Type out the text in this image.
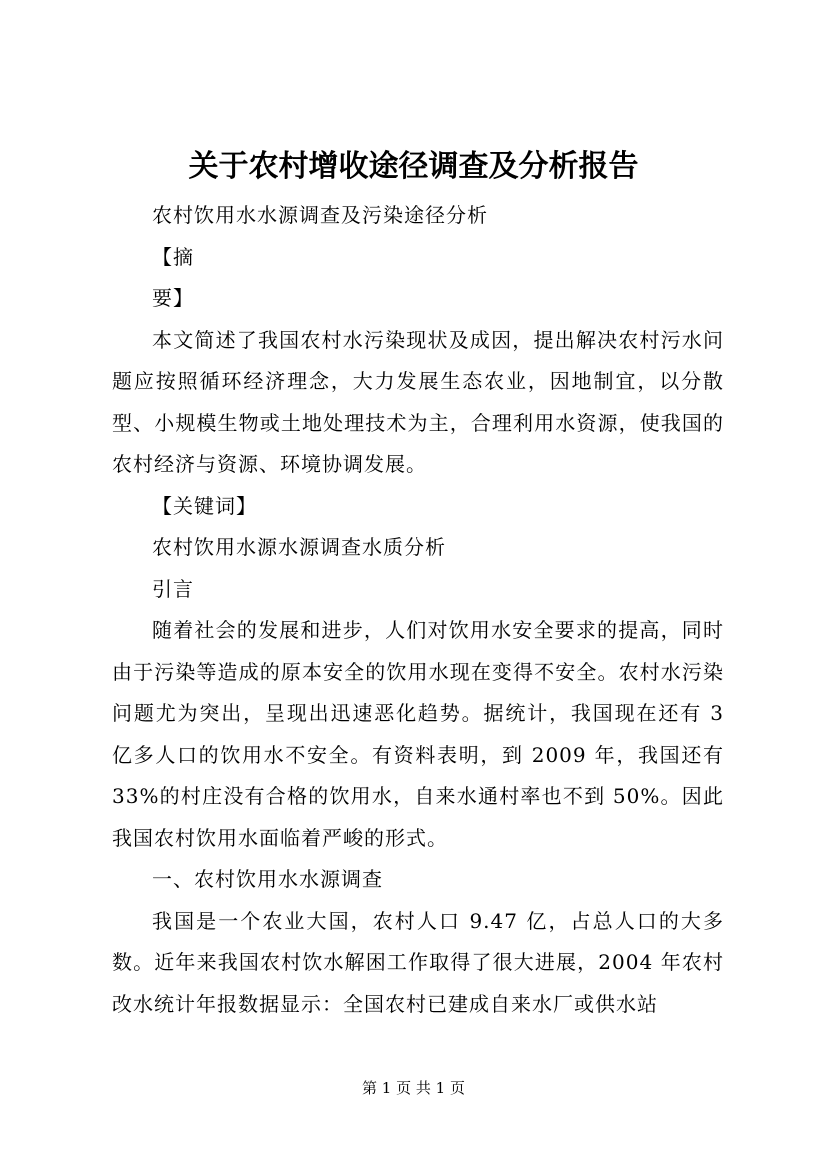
关于农村增收途径调查及分析报告

农村饮用水水源调查及污染途径分析

【摘

要】

本文简述了我国农村水污染现状及成因，提出解决农村污水问题应按照循环经济理念，大力发展生态农业，因地制宜，以分散型、小规模生物或土地处理技术为主，合理利用水资源，使我国的农村经济与资源、环境协调发展。

【关键词】

农村饮用水源水源调查水质分析

引言

随着社会的发展和进步，人们对饮用水安全要求的提高，同时由于污染等造成的原本安全的饮用水现在变得不安全。农村水污染问题尤为突出，呈现出迅速恶化趋势。据统计，我国现在还有 3 亿多人口的饮用水不安全。有资料表明，到 2009 年，我国还有 33%的村庄没有合格的饮用水，自来水通村率也不到 50%。因此我国农村饮用水面临着严峻的形式。

一、农村饮用水水源调查

我国是一个农业大国，农村人口 9.47 亿，占总人口的大多数。近年来我国农村饮水解困工作取得了很大进展，2004 年农村改水统计年报数据显示：全国农村已建成自来水厂或供水站

第 1 页 共 1 页
